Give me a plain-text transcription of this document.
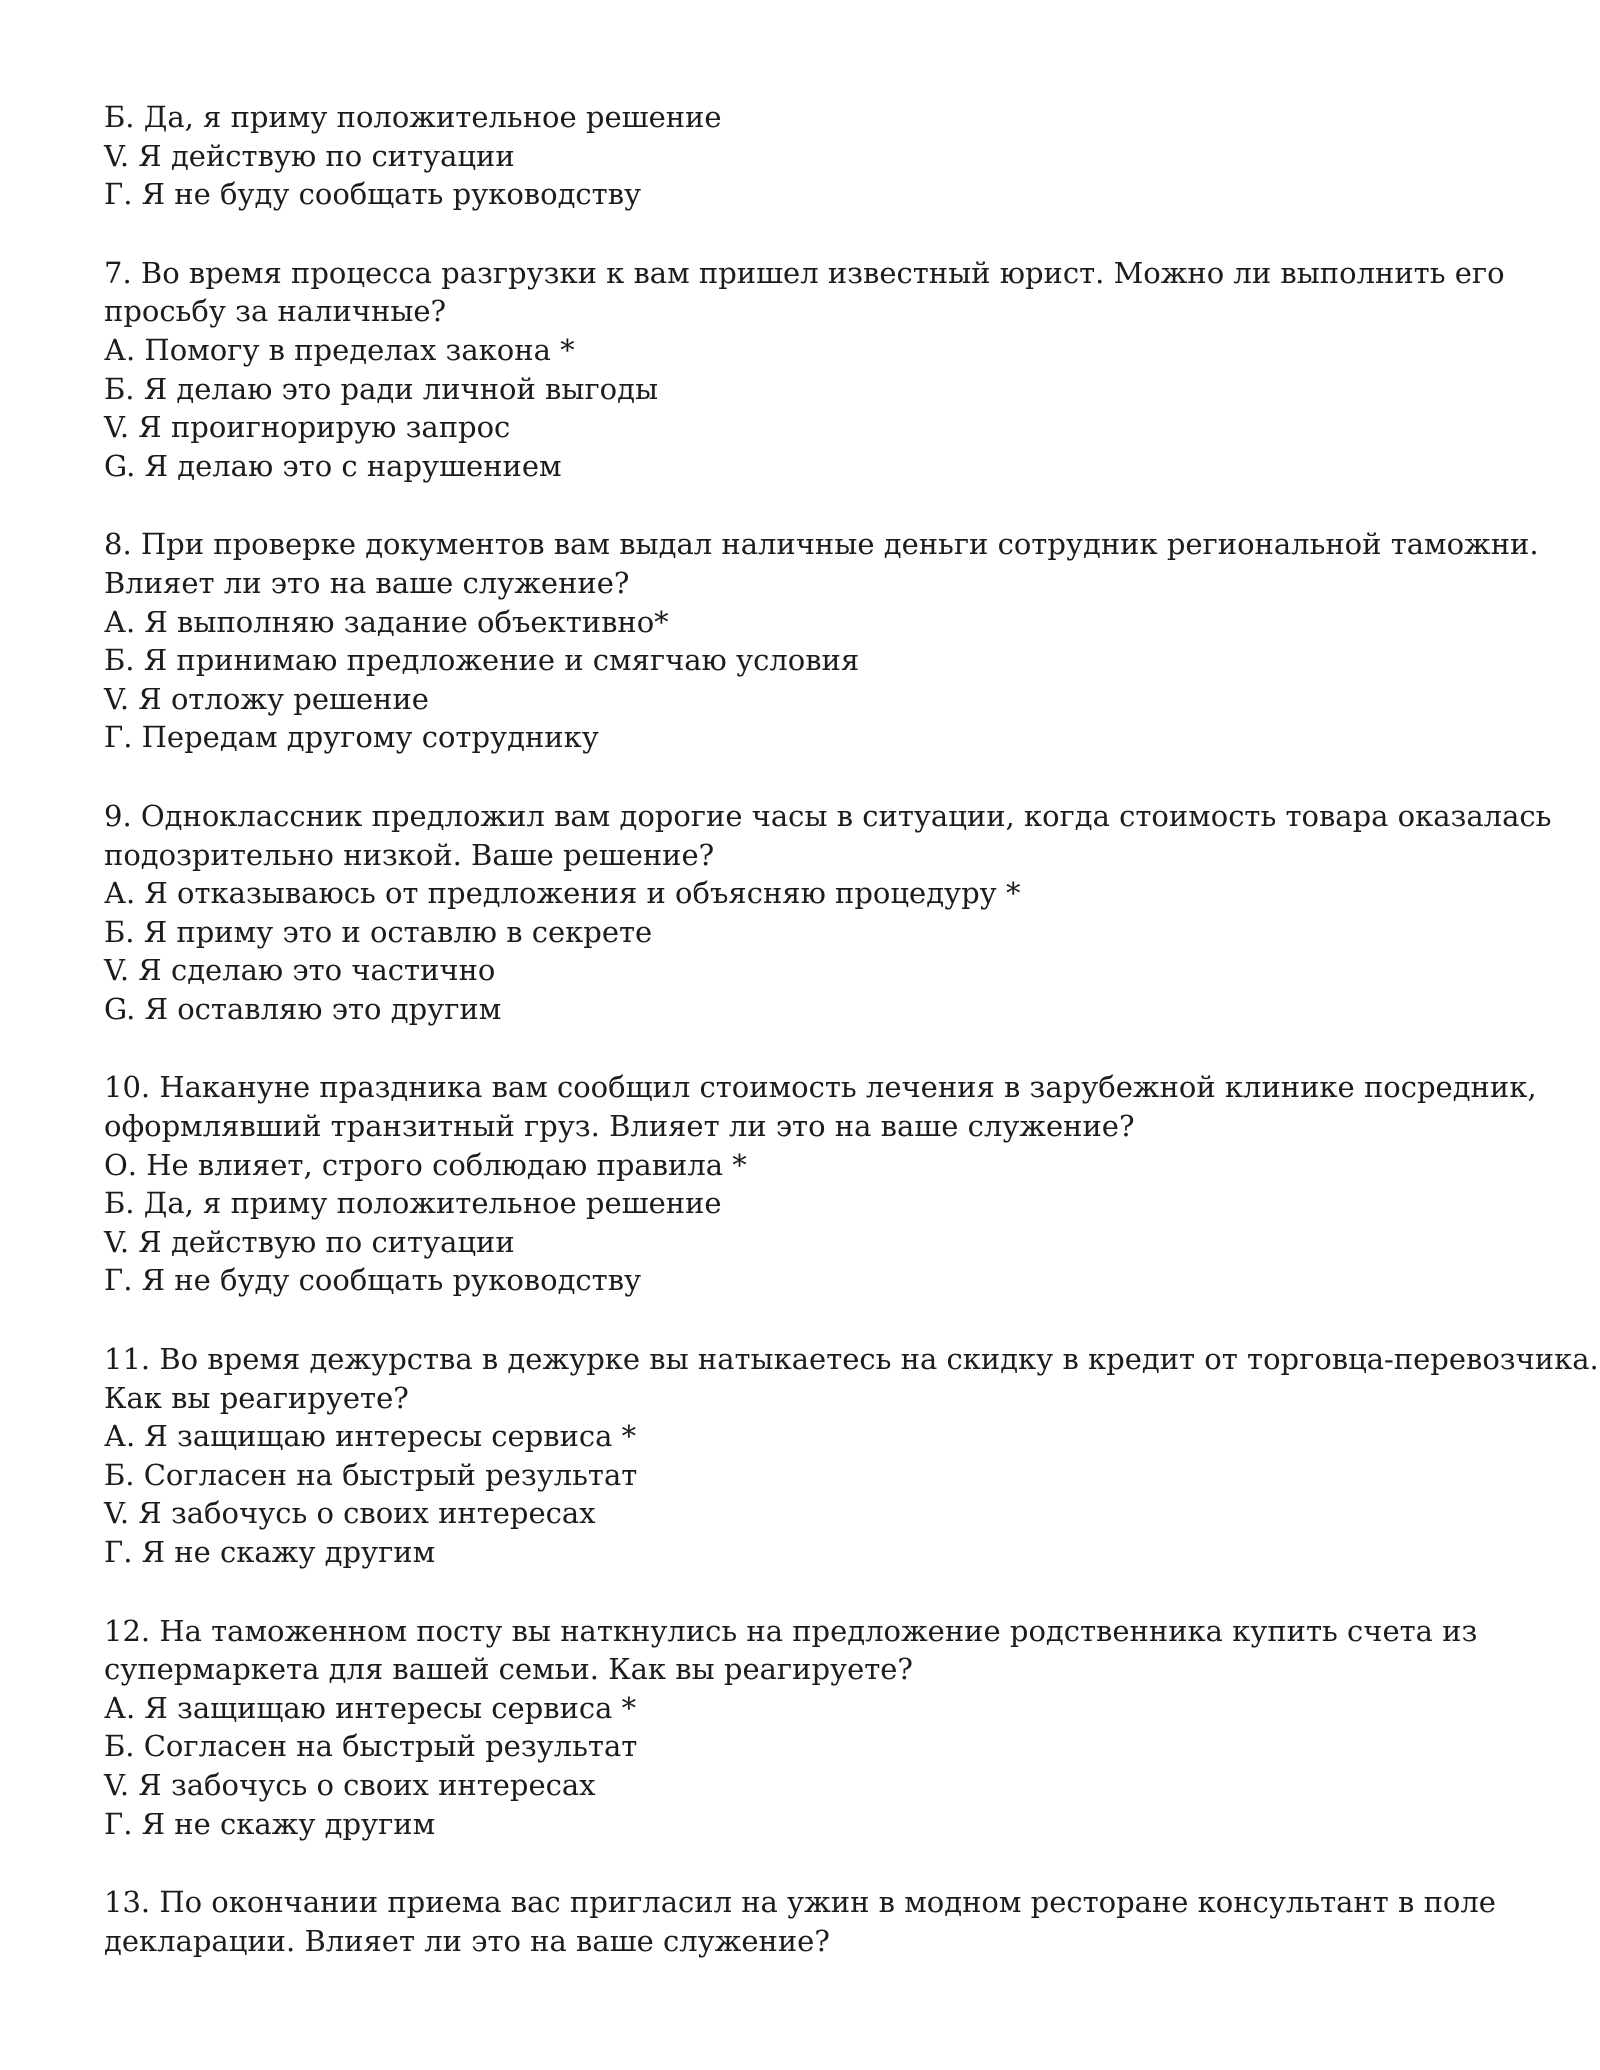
Б. Да, я приму положительное решение
V. Я действую по ситуации
Г. Я не буду сообщать руководству
7. Во время процесса разгрузки к вам пришел известный юрист. Можно ли выполнить его
просьбу за наличные?
А. Помогу в пределах закона *
Б. Я делаю это ради личной выгоды
V. Я проигнорирую запрос
G. Я делаю это с нарушением
8. При проверке документов вам выдал наличные деньги сотрудник региональной таможни.
Влияет ли это на ваше служение?
А. Я выполняю задание объективно*
Б. Я принимаю предложение и смягчаю условия
V. Я отложу решение
Г. Передам другому сотруднику
9. Одноклассник предложил вам дорогие часы в ситуации, когда стоимость товара оказалась
подозрительно низкой. Ваше решение?
А. Я отказываюсь от предложения и объясняю процедуру *
Б. Я приму это и оставлю в секрете
V. Я сделаю это частично
G. Я оставляю это другим
10. Накануне праздника вам сообщил стоимость лечения в зарубежной клинике посредник,
оформлявший транзитный груз. Влияет ли это на ваше служение?
О. Не влияет, строго соблюдаю правила *
Б. Да, я приму положительное решение
V. Я действую по ситуации
Г. Я не буду сообщать руководству
11. Во время дежурства в дежурке вы натыкаетесь на скидку в кредит от торговца-перевозчика.
Как вы реагируете?
А. Я защищаю интересы сервиса *
Б. Согласен на быстрый результат
V. Я забочусь о своих интересах
Г. Я не скажу другим
12. На таможенном посту вы наткнулись на предложение родственника купить счета из
супермаркета для вашей семьи. Как вы реагируете?
А. Я защищаю интересы сервиса *
Б. Согласен на быстрый результат
V. Я забочусь о своих интересах
Г. Я не скажу другим
13. По окончании приема вас пригласил на ужин в модном ресторане консультант в поле
декларации. Влияет ли это на ваше служение?
